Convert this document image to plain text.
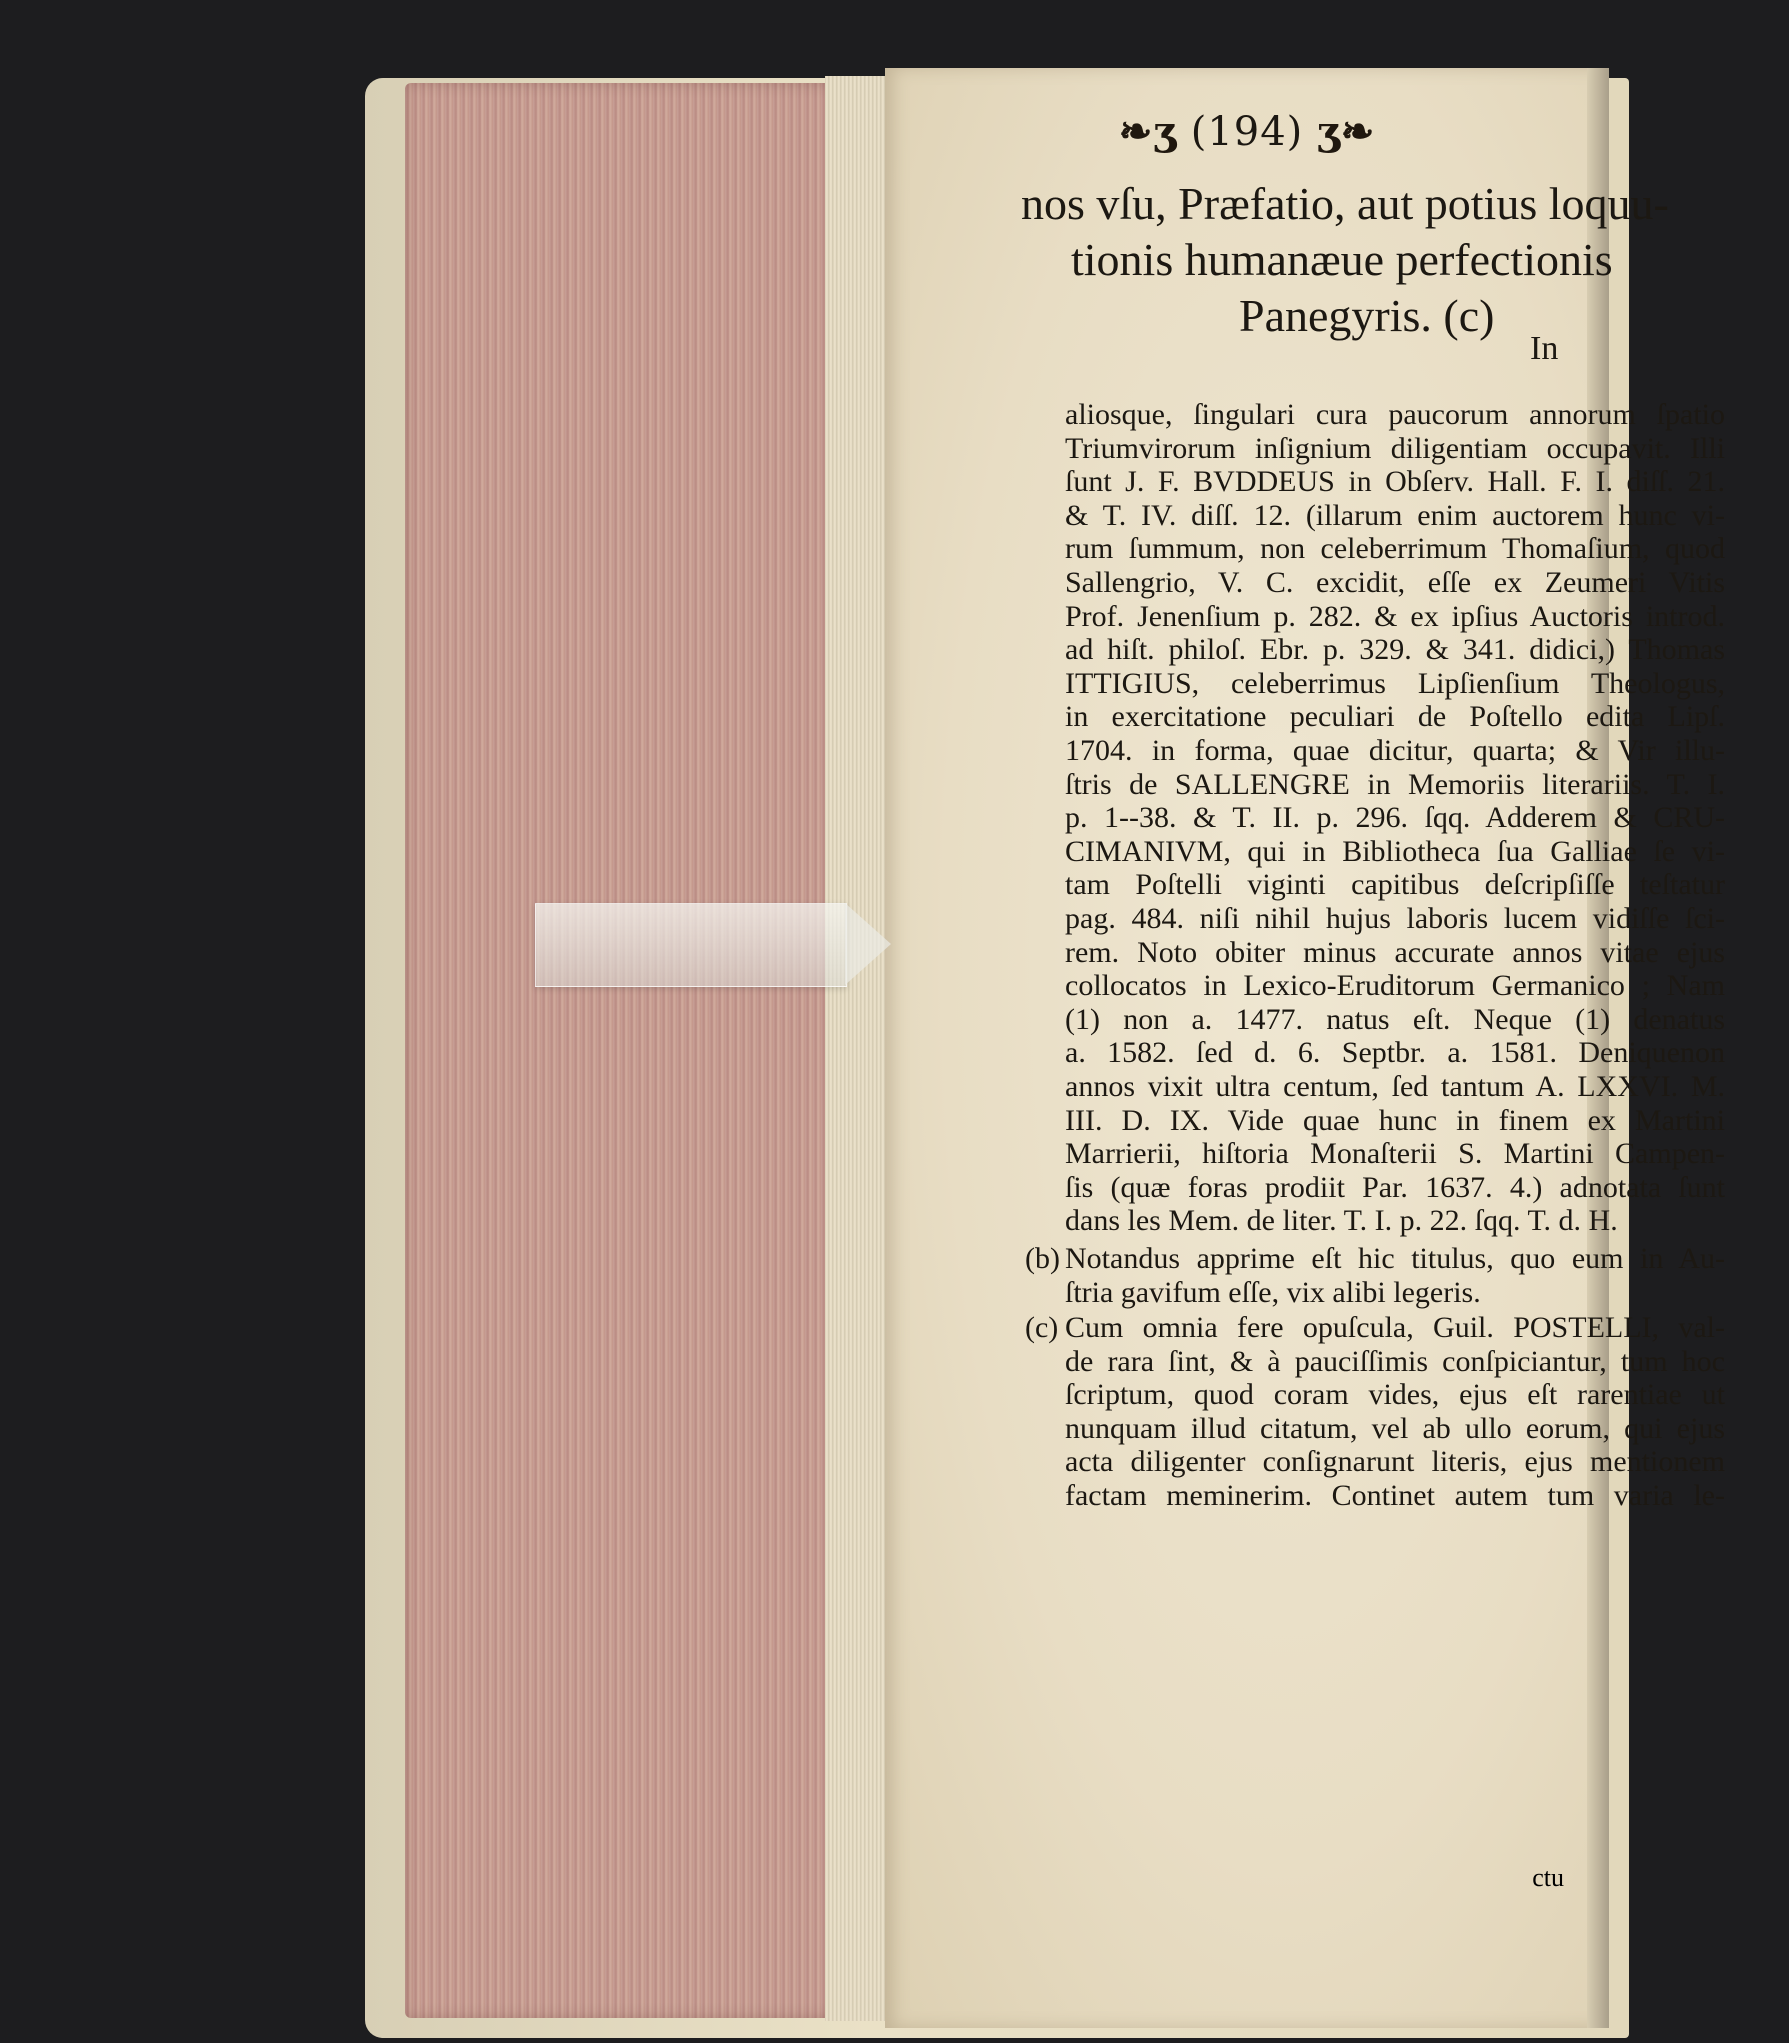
❧ʒ (194) ʒ❧
nos vſu, Præfatio, aut potius loquu-
tionis humanæue perfectionis
Panegyris. (c)
In
aliosque, ſingulari cura paucorum annorum ſpatio
Triumvirorum inſignium diligentiam occupavit. Illi
ſunt J. F. BVDDEUS in Obſerv. Hall. F. I. diſſ. 21.
& T. IV. diſſ. 12. (illarum enim auctorem hunc vi-
rum ſummum, non celeberrimum Thomaſium, quod
Sallengrio, V. C. excidit, eſſe ex Zeumeri Vitis
Prof. Jenenſium p. 282. & ex ipſius Auctoris introd.
ad hiſt. philoſ. Ebr. p. 329. & 341. didici,) Thomas
ITTIGIUS, celeberrimus Lipſienſium Theologus,
in exercitatione peculiari de Poſtello edita Lipſ.
1704. in forma, quae dicitur, quarta; & Vir illu-
ſtris de SALLENGRE in Memoriis literariis. T. I.
p. 1--38. & T. II. p. 296. ſqq. Adderem & CRU-
CIMANIVM, qui in Bibliotheca ſua Galliae ſe vi-
tam Poſtelli viginti capitibus deſcripſiſſe teſtatur
pag. 484. niſi nihil hujus laboris lucem vidiſſe ſci-
rem. Noto obiter minus accurate annos vitae ejus
collocatos in Lexico-Eruditorum Germanico ; Nam
(1) non a. 1477. natus eſt. Neque (1) denatus
a. 1582. ſed d. 6. Septbr. a. 1581. Deniquenon
annos vixit ultra centum, ſed tantum A. LXXVI. M.
III. D. IX. Vide quae hunc in finem ex Martini
Marrierii, hiſtoria Monaſterii S. Martini Campen-
ſis (quæ foras prodiit Par. 1637. 4.) adnotata ſunt
dans les Mem. de liter. T. I. p. 22. ſqq. T. d. H.
(b) Notandus apprime eſt hic titulus, quo eum in Au-
ſtria gavifum eſſe, vix alibi legeris.
(c) Cum omnia fere opuſcula, Guil. POSTELLI, val-
de rara ſint, & à pauciſſimis conſpiciantur, tum hoc
ſcriptum, quod coram vides, ejus eſt rarentiae ut
nunquam illud citatum, vel ab ullo eorum, qui ejus
acta diligenter conſignarunt literis, ejus mentionem
factam meminerim. Continet autem tum varia le-
ctu
